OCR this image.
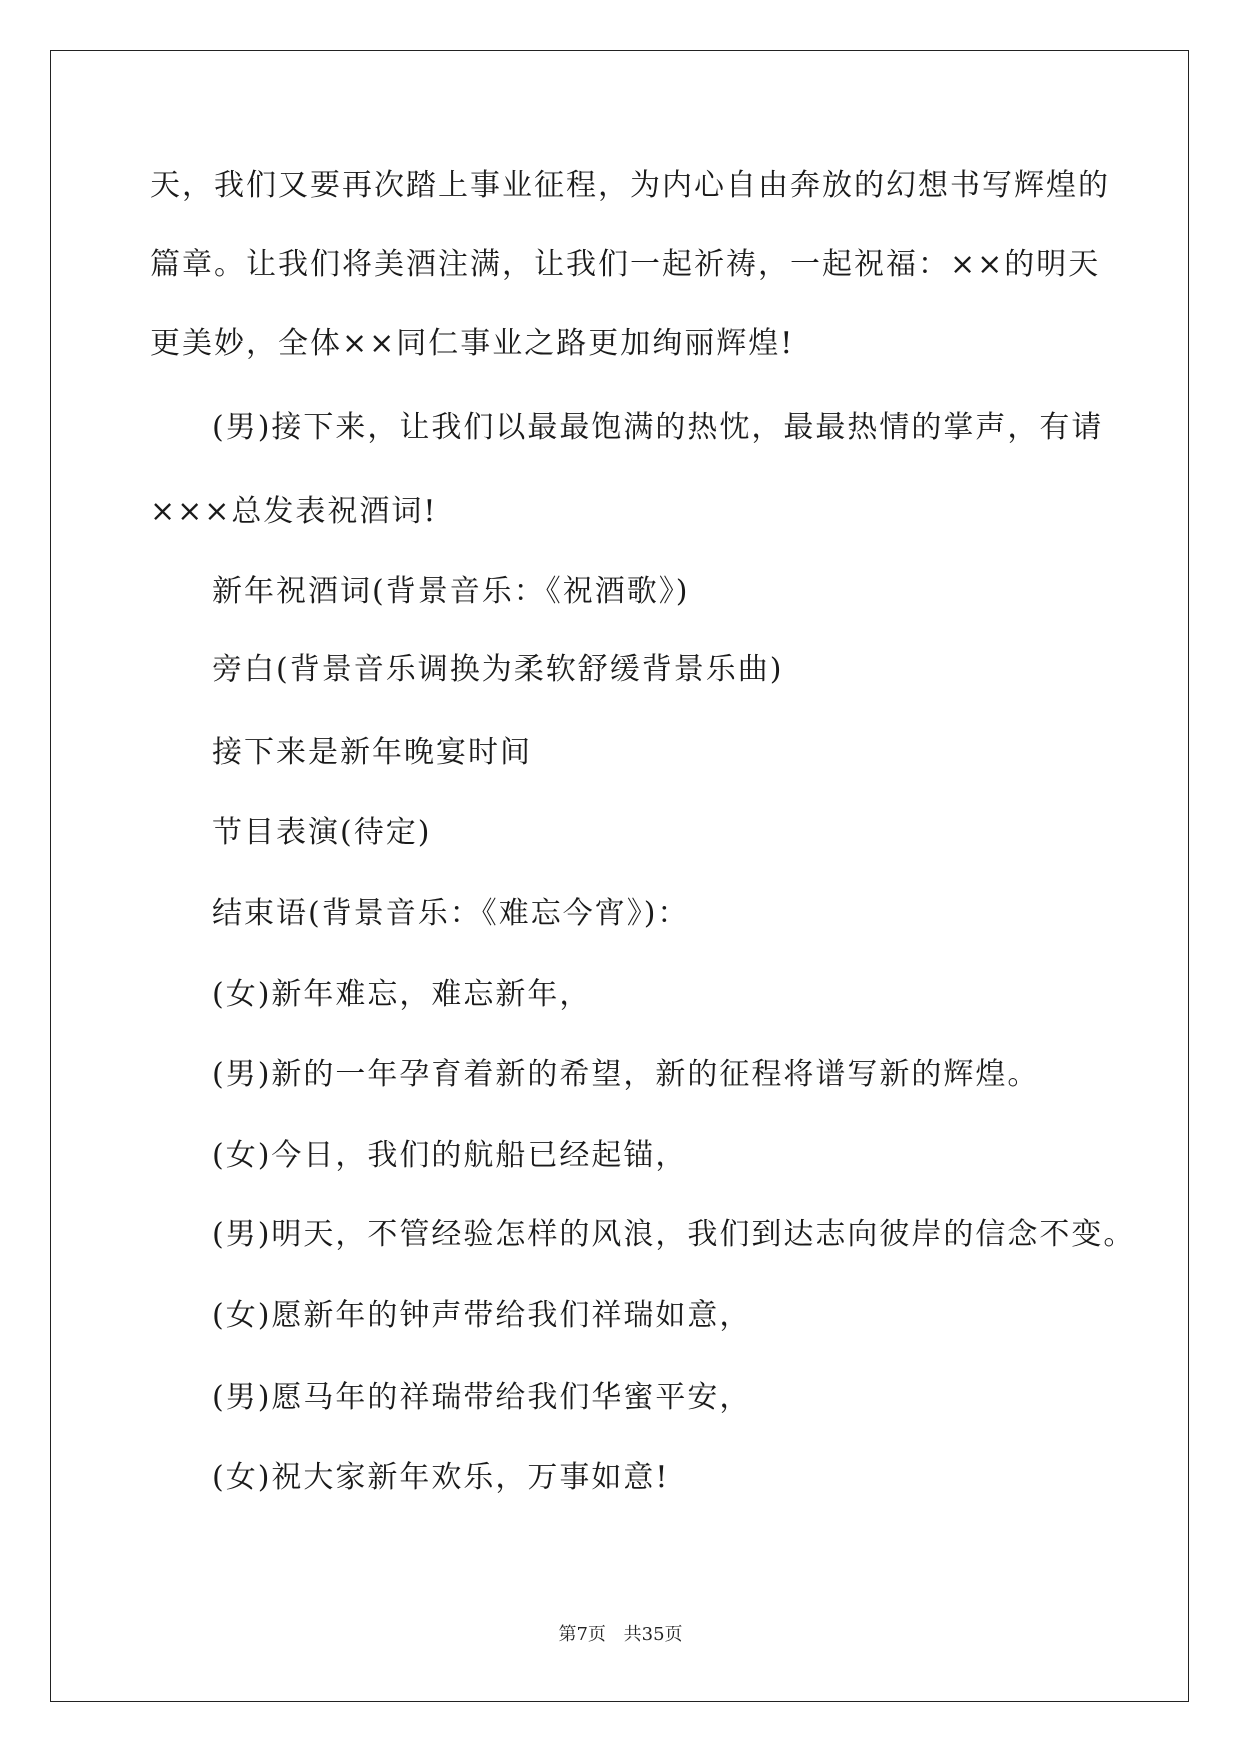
天，我们又要再次踏上事业征程，为内心自由奔放的幻想书写辉煌的
篇章。让我们将美酒注满，让我们一起祈祷，一起祝福：××的明天
更美妙，全体××同仁事业之路更加绚丽辉煌!
(男)接下来，让我们以最最饱满的热忱，最最热情的掌声，有请
×××总发表祝酒词!
新年祝酒词(背景音乐：《祝酒歌》)
旁白(背景音乐调换为柔软舒缓背景乐曲)
接下来是新年晚宴时间
节目表演(待定)
结束语(背景音乐：《难忘今宵》)：
(女)新年难忘，难忘新年，
(男)新的一年孕育着新的希望，新的征程将谱写新的辉煌。
(女)今日，我们的航船已经起锚，
(男)明天，不管经验怎样的风浪，我们到达志向彼岸的信念不变。
(女)愿新年的钟声带给我们祥瑞如意，
(男)愿马年的祥瑞带给我们华蜜平安，
(女)祝大家新年欢乐，万事如意!
第7页 共35页
